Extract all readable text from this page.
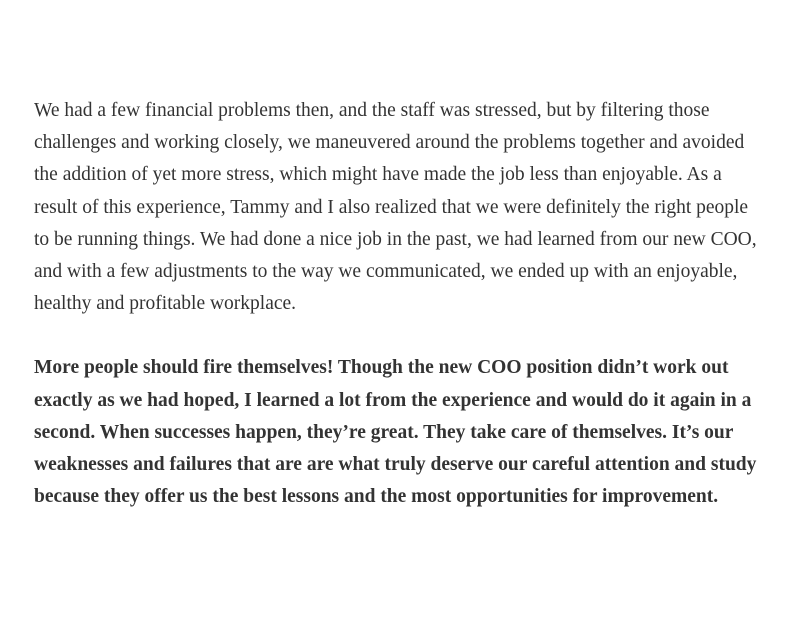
We had a few financial problems then, and the staff was stressed, but by filtering those
challenges and working closely, we maneuvered around the problems together and avoided
the addition of yet more stress, which might have made the job less than enjoyable. As a
result of this experience, Tammy and I also realized that we were definitely the right people
to be running things. We had done a nice job in the past, we had learned from our new COO,
and with a few adjustments to the way we communicated, we ended up with an enjoyable,
healthy and profitable workplace.

More people should fire themselves! Though the new COO position didn’t work out
exactly as we had hoped, I learned a lot from the experience and would do it again in a
second. When successes happen, they’re great. They take care of themselves. It’s our
weaknesses and failures that are are what truly deserve our careful attention and study
because they offer us the best lessons and the most opportunities for improvement.
